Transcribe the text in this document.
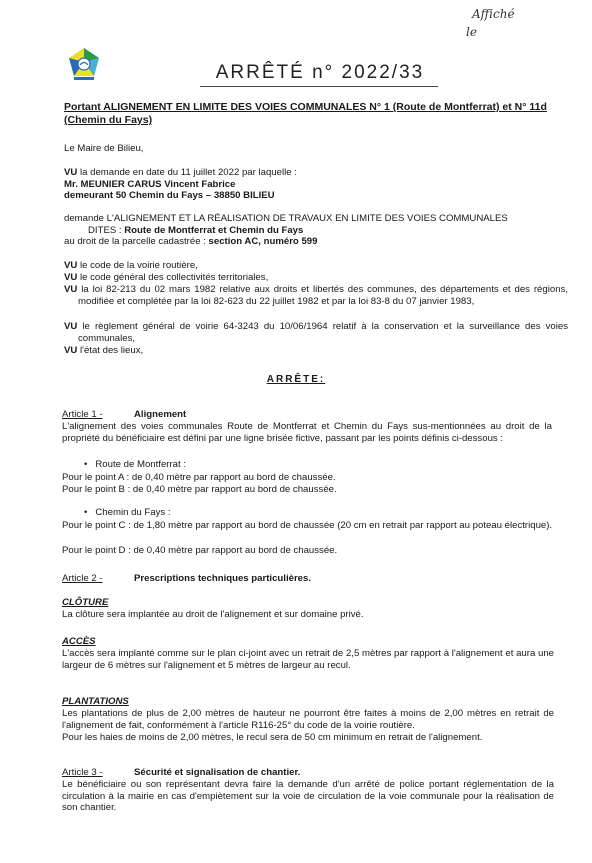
Affiché
le
ARRÊTÉ n° 2022/33
Portant ALIGNEMENT EN LIMITE DES VOIES COMMUNALES N° 1 (Route de Montferrat) et N° 11d (Chemin du Fays)
Le Maire de Bilieu,
VU la demande en date du 11 juillet 2022 par laquelle :
Mr. MEUNIER CARUS Vincent Fabrice
demeurant 50 Chemin du Fays – 38850 BILIEU
demande L'ALIGNEMENT ET LA RÉALISATION DE TRAVAUX EN LIMITE DES VOIES COMMUNALES
DITES : Route de Montferrat et Chemin du Fays
au droit de la parcelle cadastrée : section AC, numéro 599
VU le code de la voirie routière,
VU le code général des collectivités territoriales,
VU la loi 82-213 du 02 mars 1982 relative aux droits et libertés des communes, des départements et des régions, modifiée et complétée par la loi 82-623 du 22 juillet 1982 et par la loi 83-8 du 07 janvier 1983,
VU le règlement général de voirie 64-3243 du 10/06/1964 relatif à la conservation et la surveillance des voies communales,
VU l'état des lieux,
ARRÊTE:
Article 1 -	Alignement
L'alignement des voies communales Route de Montferrat et Chemin du Fays sus-mentionnées au droit de la propriété du bénéficiaire est défini par une ligne brisée fictive, passant par les points définis ci-dessous :
• Route de Montferrat :
Pour le point A : de 0,40 mètre par rapport au bord de chaussée.
Pour le point B : de 0,40 mètre par rapport au bord de chaussée.
• Chemin du Fays :
Pour le point C : de 1,80 mètre par rapport au bord de chaussée (20 cm en retrait par rapport au poteau électrique).
Pour le point D : de 0,40 mètre par rapport au bord de chaussée.
Article 2 -	Prescriptions techniques particulières.
CLÔTURE
La clôture sera implantée au droit de l'alignement et sur domaine privé.
ACCÈS
L'accès sera implanté comme sur le plan ci-joint avec un retrait de 2,5 mètres par rapport à l'alignement et aura une largeur de 6 mètres sur l'alignement et 5 mètres de largeur au recul.
PLANTATIONS
Les plantations de plus de 2,00 mètres de hauteur ne pourront être faites à moins de 2,00 mètres en retrait de l'alignement de fait, conformément à l'article R116-25° du code de la voirie routière.
Pour les haies de moins de 2,00 mètres, le recul sera de 50 cm minimum en retrait de l'alignement.
Article 3 -	Sécurité et signalisation de chantier.
Le bénéficiaire ou son représentant devra faire la demande d'un arrêté de police portant réglementation de la circulation à la mairie en cas d'empiètement sur la voie de circulation de la voie communale pour la réalisation de son chantier.
